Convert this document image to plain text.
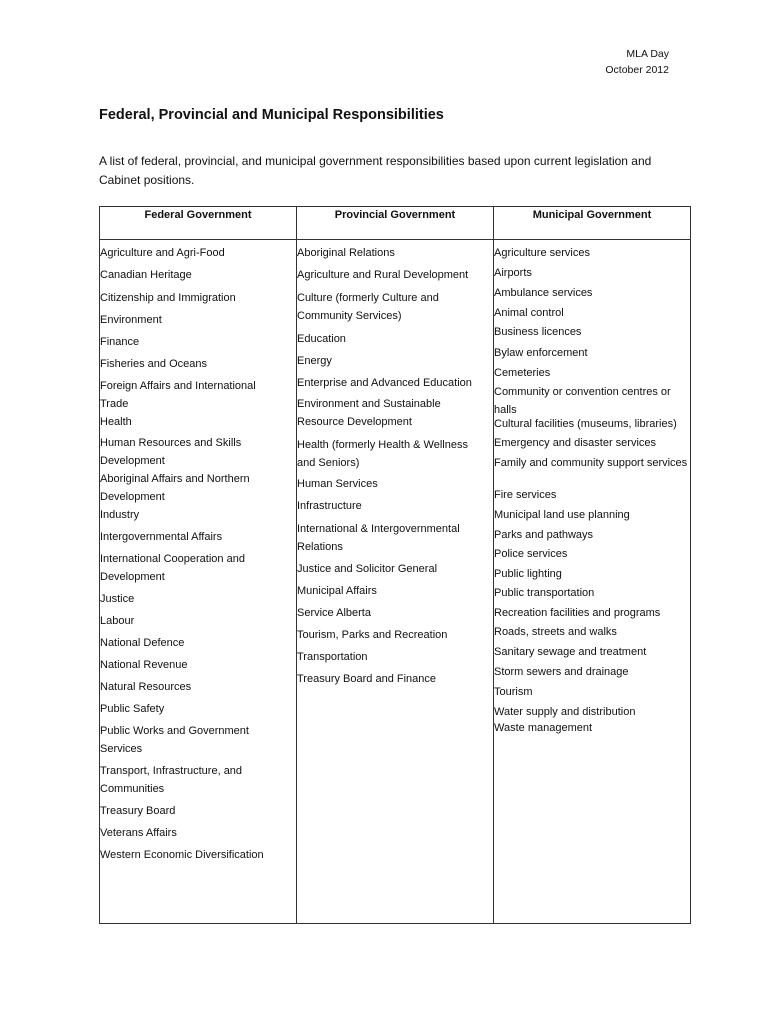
MLA Day
October 2012
Federal, Provincial and Municipal Responsibilities
A list of federal, provincial, and municipal government responsibilities based upon current legislation and Cabinet positions.
Federal Government	Provincial Government	Municipal Government
Agriculture and Agri-Food
Canadian Heritage
Citizenship and Immigration
Environment
Finance
Fisheries and Oceans
Foreign Affairs and International Trade
Health
Human Resources and Skills Development
Aboriginal Affairs and Northern Development
Industry
Intergovernmental Affairs
International Cooperation and Development
Justice
Labour
National Defence
National Revenue
Natural Resources
Public Safety
Public Works and Government Services
Transport, Infrastructure, and Communities
Treasury Board
Veterans Affairs
Western Economic Diversification
Aboriginal Relations
Agriculture and Rural Development
Culture (formerly Culture and Community Services)
Education
Energy
Enterprise and Advanced Education
Environment and Sustainable Resource Development
Health (formerly Health & Wellness and Seniors)
Human Services
Infrastructure
International & Intergovernmental Relations
Justice and Solicitor General
Municipal Affairs
Service Alberta
Tourism, Parks and Recreation
Transportation
Treasury Board and Finance
Agriculture services
Airports
Ambulance services
Animal control
Business licences
Bylaw enforcement
Cemeteries
Community or convention centres or halls
Cultural facilities (museums, libraries)
Emergency and disaster services
Family and community support services
Fire services
Municipal land use planning
Parks and pathways
Police services
Public lighting
Public transportation
Recreation facilities and programs
Roads, streets and walks
Sanitary sewage and treatment
Storm sewers and drainage
Tourism
Water supply and distribution
Waste management
